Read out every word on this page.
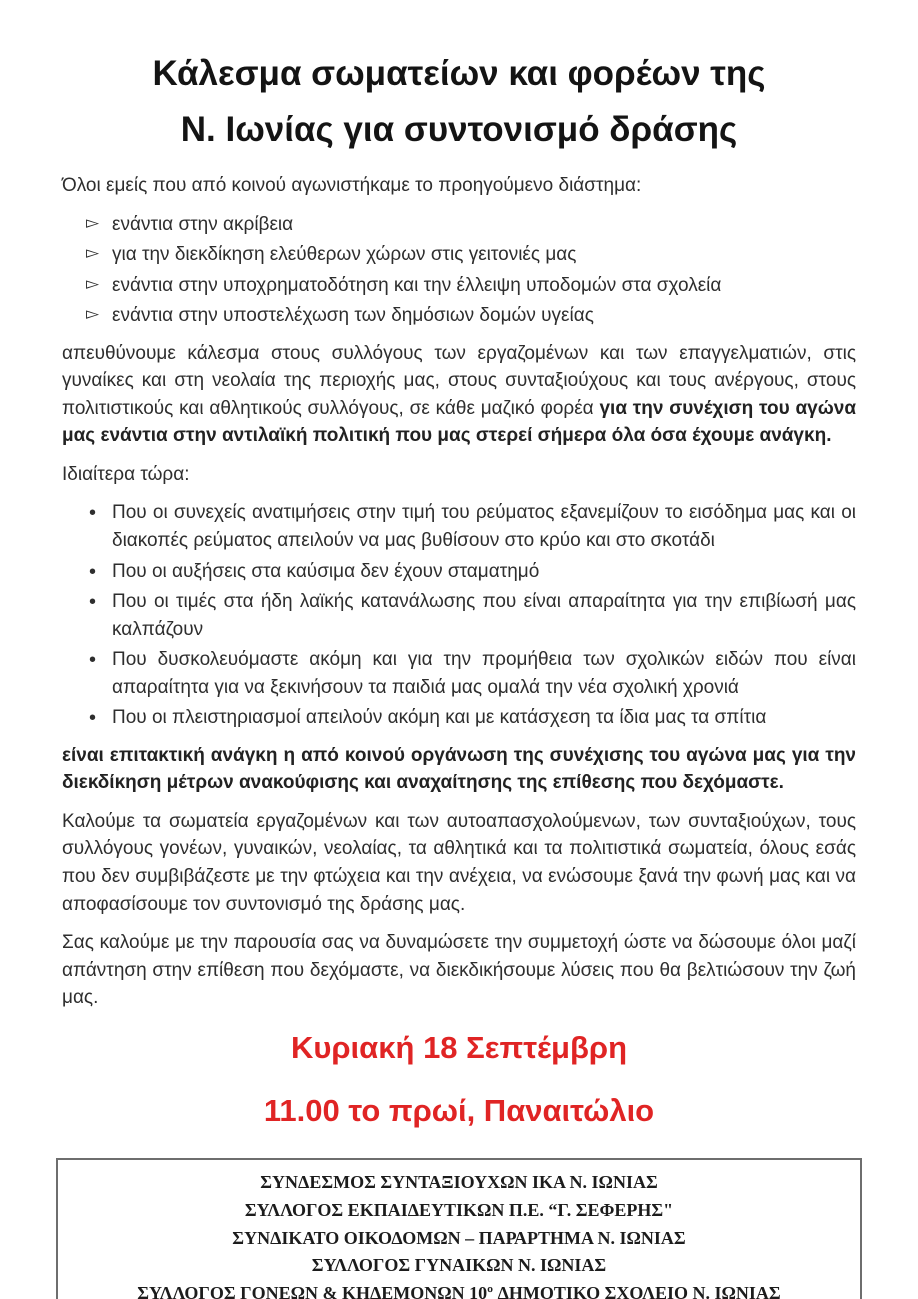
Κάλεσμα σωματείων και φορέων της
Ν. Ιωνίας για συντονισμό δράσης

Όλοι εμείς που από κοινού αγωνιστήκαμε το προηγούμενο διάστημα:

▻ ενάντια στην ακρίβεια
▻ για την διεκδίκηση ελεύθερων χώρων στις γειτονιές μας
▻ ενάντια στην υποχρηματοδότηση και την έλλειψη υποδομών στα σχολεία
▻ ενάντια στην υποστελέχωση των δημόσιων δομών υγείας

απευθύνουμε κάλεσμα στους συλλόγους των εργαζομένων και των επαγγελματιών, στις γυναίκες και στη νεολαία της περιοχής μας, στους συνταξιούχους και τους ανέργους, στους πολιτιστικούς και αθλητικούς συλλόγους, σε κάθε μαζικό φορέα για την συνέχιση του αγώνα μας ενάντια στην αντιλαϊκή πολιτική που μας στερεί σήμερα όλα όσα έχουμε ανάγκη.

Ιδιαίτερα τώρα:

• Που οι συνεχείς ανατιμήσεις στην τιμή του ρεύματος εξανεμίζουν το εισόδημα μας και οι διακοπές ρεύματος απειλούν να μας βυθίσουν στο κρύο και στο σκοτάδι
• Που οι αυξήσεις στα καύσιμα δεν έχουν σταματημό
• Που οι τιμές στα ήδη λαϊκής κατανάλωσης που είναι απαραίτητα για την επιβίωσή μας καλπάζουν
• Που δυσκολευόμαστε ακόμη και για την προμήθεια των σχολικών ειδών που είναι απαραίτητα για να ξεκινήσουν τα παιδιά μας ομαλά την νέα σχολική χρονιά
• Που οι πλειστηριασμοί απειλούν ακόμη και με κατάσχεση τα ίδια μας τα σπίτια

είναι επιτακτική ανάγκη η από κοινού οργάνωση της συνέχισης του αγώνα μας για την διεκδίκηση μέτρων ανακούφισης και αναχαίτησης της επίθεσης που δεχόμαστε.

Καλούμε τα σωματεία εργαζομένων και των αυτοαπασχολούμενων, των συνταξιούχων, τους συλλόγους γονέων, γυναικών, νεολαίας, τα αθλητικά και τα πολιτιστικά σωματεία, όλους εσάς που δεν συμβιβάζεστε με την φτώχεια και την ανέχεια, να ενώσουμε ξανά την φωνή μας και να αποφασίσουμε τον συντονισμό της δράσης μας.

Σας καλούμε με την παρουσία σας να δυναμώσετε την συμμετοχή ώστε να δώσουμε όλοι μαζί απάντηση στην επίθεση που δεχόμαστε, να διεκδικήσουμε λύσεις που θα βελτιώσουν την ζωή μας.

Κυριακή 18 Σεπτέμβρη
11.00 το πρωί, Παναιτώλιο
ΣΥΝΔΕΣΜΟΣ ΣΥΝΤΑΞΙΟΥΧΩΝ ΙΚΑ Ν. ΙΩΝΙΑΣ
ΣΥΛΛΟΓΟΣ ΕΚΠΑΙΔΕΥΤΙΚΩΝ Π.Ε. “Γ. ΣΕΦΕΡΗΣ"
ΣΥΝΔΙΚΑΤΟ ΟΙΚΟΔΟΜΩΝ – ΠΑΡΑΡΤΗΜΑ Ν. ΙΩΝΙΑΣ
ΣΥΛΛΟΓΟΣ ΓΥΝΑΙΚΩΝ Ν. ΙΩΝΙΑΣ
ΣΥΛΛΟΓΟΣ ΓΟΝΕΩΝ & ΚΗΔΕΜΟΝΩΝ 10º ΔΗΜΟΤΙΚΟ ΣΧΟΛΕΙΟ Ν. ΙΩΝΙΑΣ
